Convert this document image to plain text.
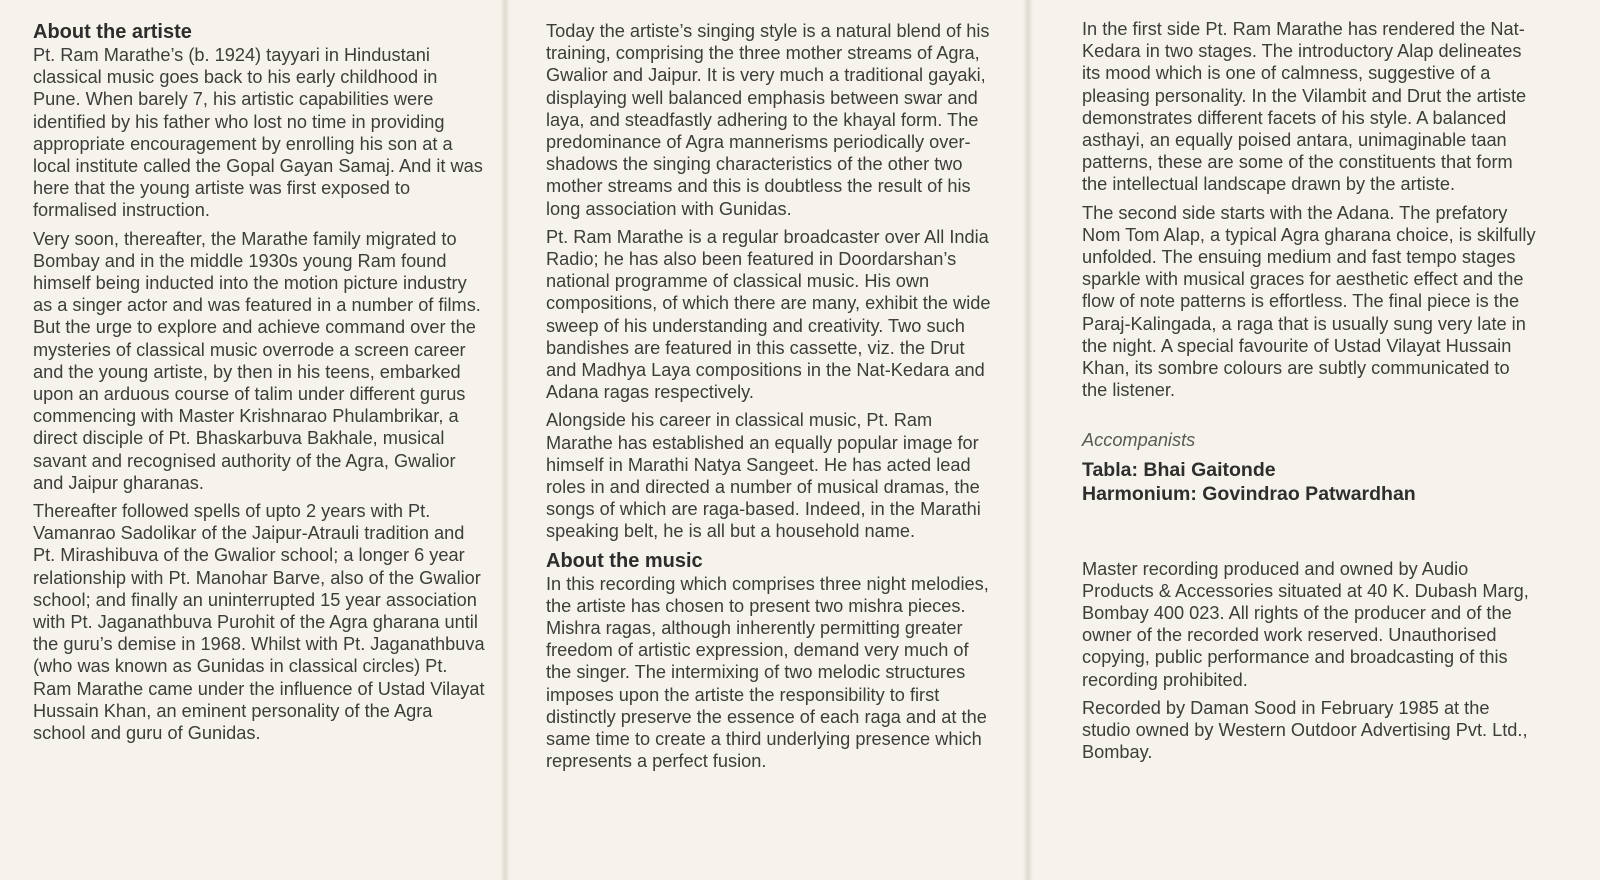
About the artiste

Pt. Ram Marathe’s (b. 1924) tayyari in Hindustani classical music goes back to his early childhood in Pune. When barely 7, his artistic capabilities were identified by his father who lost no time in providing appropriate encouragement by enrolling his son at a local institute called the Gopal Gayan Samaj. And it was here that the young artiste was first exposed to formalised instruction.

Very soon, thereafter, the Marathe family migrated to Bombay and in the middle 1930s young Ram found himself being inducted into the motion picture industry as a singer actor and was featured in a number of films. But the urge to explore and achieve command over the mysteries of classical music overrode a screen career and the young artiste, by then in his teens, embarked upon an arduous course of talim under different gurus commencing with Master Krishnarao Phulambrikar, a direct disciple of Pt. Bhaskarbuva Bakhale, musical savant and recognised authority of the Agra, Gwalior and Jaipur gharanas.

Thereafter followed spells of upto 2 years with Pt. Vamanrao Sadolikar of the Jaipur-Atrauli tradition and Pt. Mirashibuva of the Gwalior school; a longer 6 year relationship with Pt. Manohar Barve, also of the Gwalior school; and finally an uninterrupted 15 year association with Pt. Jaganathbuva Purohit of the Agra gharana until the guru’s demise in 1968. Whilst with Pt. Jaganathbuva (who was known as Gunidas in classical circles) Pt. Ram Marathe came under the influence of Ustad Vilayat Hussain Khan, an eminent personality of the Agra school and guru of Gunidas.

Today the artiste’s singing style is a natural blend of his training, comprising the three mother streams of Agra, Gwalior and Jaipur. It is very much a traditional gayaki, displaying well balanced emphasis between swar and laya, and steadfastly adhering to the khayal form. The predominance of Agra mannerisms periodically over-shadows the singing characteristics of the other two mother streams and this is doubtless the result of his long association with Gunidas.

Pt. Ram Marathe is a regular broadcaster over All India Radio; he has also been featured in Doordarshan’s national programme of classical music. His own compositions, of which there are many, exhibit the wide sweep of his understanding and creativity. Two such bandishes are featured in this cassette, viz. the Drut and Madhya Laya compositions in the Nat-Kedara and Adana ragas respectively.

Alongside his career in classical music, Pt. Ram Marathe has established an equally popular image for himself in Marathi Natya Sangeet. He has acted lead roles in and directed a number of musical dramas, the songs of which are raga-based. Indeed, in the Marathi speaking belt, he is all but a household name.

About the music

In this recording which comprises three night melodies, the artiste has chosen to present two mishra pieces. Mishra ragas, although inherently permitting greater freedom of artistic expression, demand very much of the singer. The intermixing of two melodic structures imposes upon the artiste the responsibility to first distinctly preserve the essence of each raga and at the same time to create a third underlying presence which represents a perfect fusion.

In the first side Pt. Ram Marathe has rendered the Nat-Kedara in two stages. The introductory Alap delineates its mood which is one of calmness, suggestive of a pleasing personality. In the Vilambit and Drut the artiste demonstrates different facets of his style. A balanced asthayi, an equally poised antara, unimaginable taan patterns, these are some of the constituents that form the intellectual landscape drawn by the artiste.

The second side starts with the Adana. The prefatory Nom Tom Alap, a typical Agra gharana choice, is skilfully unfolded. The ensuing medium and fast tempo stages sparkle with musical graces for aesthetic effect and the flow of note patterns is effortless. The final piece is the Paraj-Kalingada, a raga that is usually sung very late in the night. A special favourite of Ustad Vilayat Hussain Khan, its sombre colours are subtly communicated to the listener.

Accompanists

Tabla: Bhai Gaitonde
Harmonium: Govindrao Patwardhan

Master recording produced and owned by Audio Products & Accessories situated at 40 K. Dubash Marg, Bombay 400 023. All rights of the producer and of the owner of the recorded work reserved. Unauthorised copying, public performance and broadcasting of this recording prohibited.

Recorded by Daman Sood in February 1985 at the studio owned by Western Outdoor Advertising Pvt. Ltd., Bombay.
